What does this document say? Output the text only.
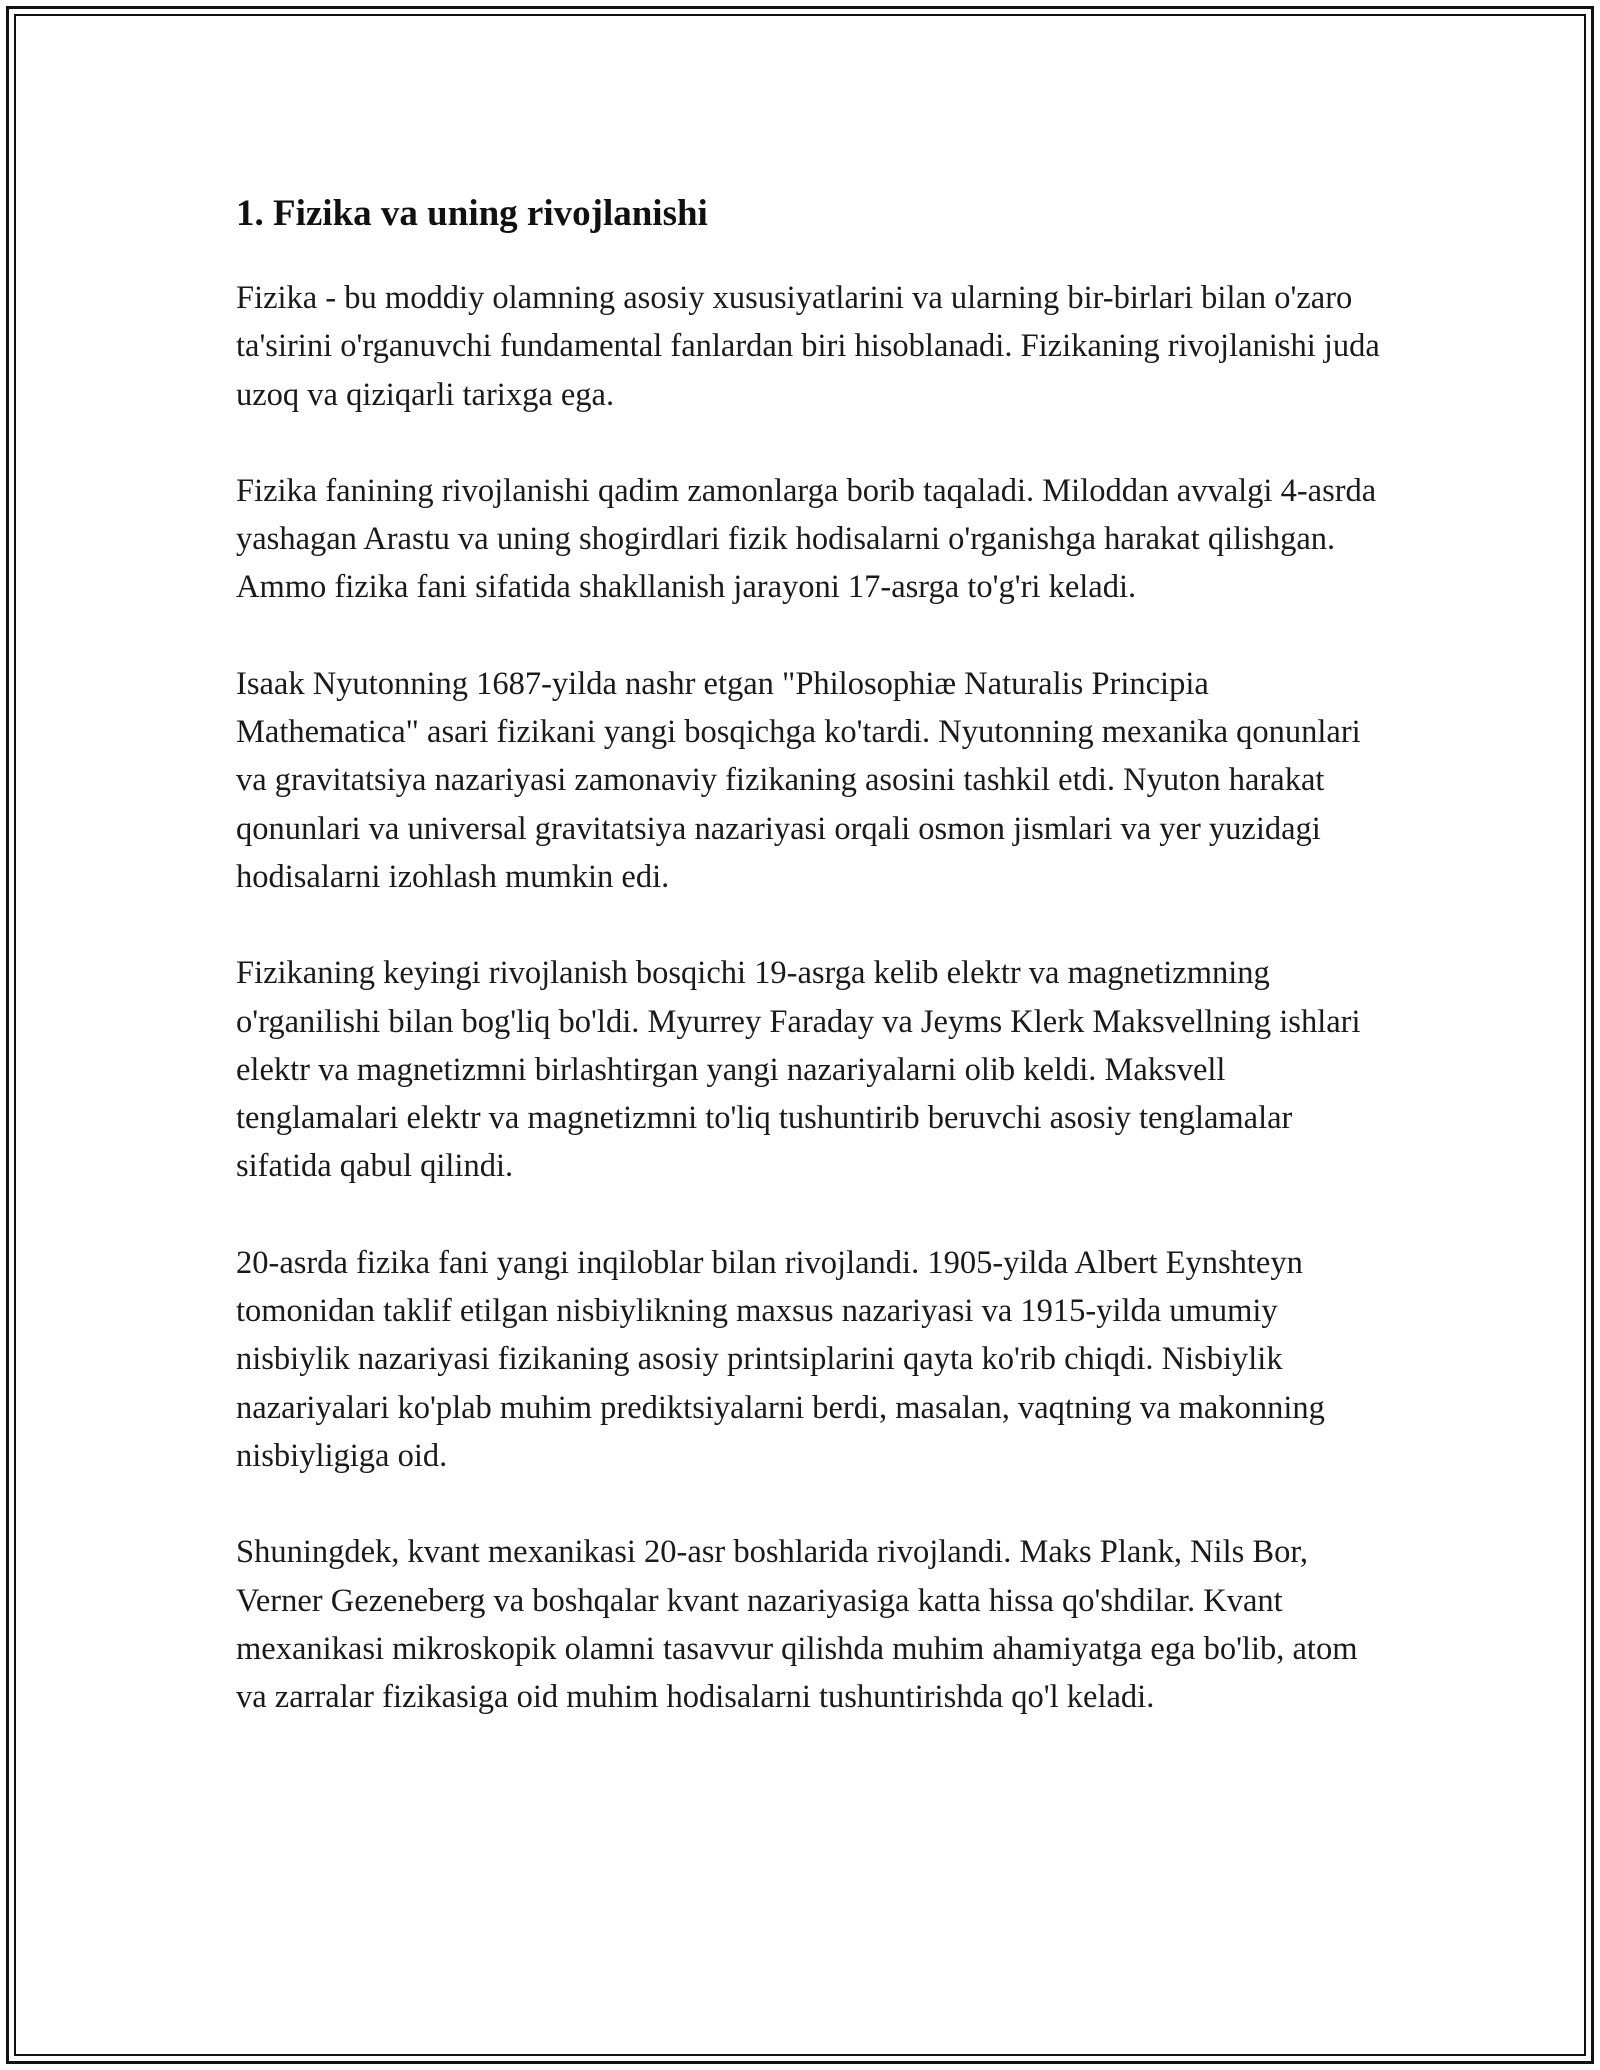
1. Fizika va uning rivojlanishi

Fizika - bu moddiy olamning asosiy xususiyatlarini va ularning bir-birlari bilan o'zaro ta'sirini o'rganuvchi fundamental fanlardan biri hisoblanadi. Fizikaning rivojlanishi juda uzoq va qiziqarli tarixga ega.

Fizika fanining rivojlanishi qadim zamonlarga borib taqaladi. Miloddan avvalgi 4-asrda yashagan Arastu va uning shogirdlari fizik hodisalarni o'rganishga harakat qilishgan. Ammo fizika fani sifatida shakllanish jarayoni 17-asrga to'g'ri keladi.

Isaak Nyutonning 1687-yilda nashr etgan "Philosophiæ Naturalis Principia Mathematica" asari fizikani yangi bosqichga ko'tardi. Nyutonning mexanika qonunlari va gravitatsiya nazariyasi zamonaviy fizikaning asosini tashkil etdi. Nyuton harakat qonunlari va universal gravitatsiya nazariyasi orqali osmon jismlari va yer yuzidagi hodisalarni izohlash mumkin edi.

Fizikaning keyingi rivojlanish bosqichi 19-asrga kelib elektr va magnetizmning o'rganilishi bilan bog'liq bo'ldi. Myurrey Faraday va Jeyms Klerk Maksvellning ishlari elektr va magnetizmni birlashtirgan yangi nazariyalarni olib keldi. Maksvell tenglamalari elektr va magnetizmni to'liq tushuntirib beruvchi asosiy tenglamalar sifatida qabul qilindi.

20-asrda fizika fani yangi inqiloblar bilan rivojlandi. 1905-yilda Albert Eynshteyn tomonidan taklif etilgan nisbiylikning maxsus nazariyasi va 1915-yilda umumiy nisbiylik nazariyasi fizikaning asosiy printsiplarini qayta ko'rib chiqdi. Nisbiylik nazariyalari ko'plab muhim prediktsiyalarni berdi, masalan, vaqtning va makonning nisbiyligiga oid.

Shuningdek, kvant mexanikasi 20-asr boshlarida rivojlandi. Maks Plank, Nils Bor, Verner Gezeneberg va boshqalar kvant nazariyasiga katta hissa qo'shdilar. Kvant mexanikasi mikroskopik olamni tasavvur qilishda muhim ahamiyatga ega bo'lib, atom va zarralar fizikasiga oid muhim hodisalarni tushuntirishda qo'l keladi.
